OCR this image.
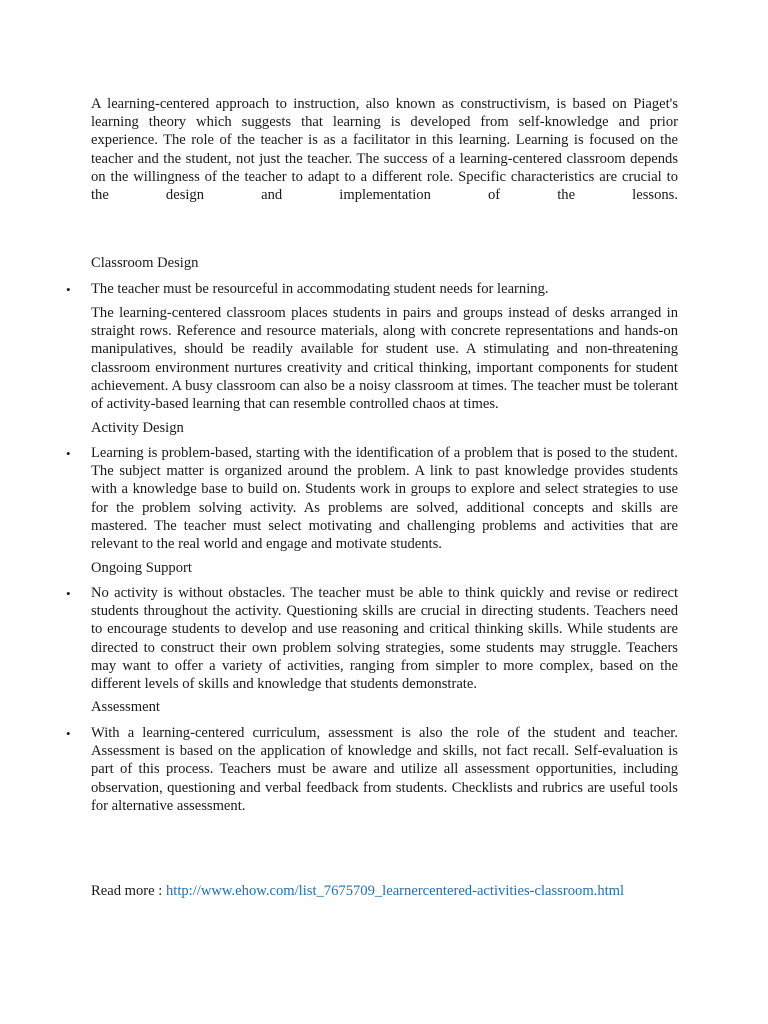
A learning-centered approach to instruction, also known as constructivism, is based on Piaget's learning theory which suggests that learning is developed from self-knowledge and prior experience. The role of the teacher is as a facilitator in this learning. Learning is focused on the teacher and the student, not just the teacher. The success of a learning-centered classroom depends on the willingness of the teacher to adapt to a different role. Specific characteristics are crucial to the design and implementation of the lessons.

Classroom Design

• The teacher must be resourceful in accommodating student needs for learning.

The learning-centered classroom places students in pairs and groups instead of desks arranged in straight rows. Reference and resource materials, along with concrete representations and hands-on manipulatives, should be readily available for student use. A stimulating and non-threatening classroom environment nurtures creativity and critical thinking, important components for student achievement. A busy classroom can also be a noisy classroom at times. The teacher must be tolerant of activity-based learning that can resemble controlled chaos at times.

Activity Design

• Learning is problem-based, starting with the identification of a problem that is posed to the student. The subject matter is organized around the problem. A link to past knowledge provides students with a knowledge base to build on. Students work in groups to explore and select strategies to use for the problem solving activity. As problems are solved, additional concepts and skills are mastered. The teacher must select motivating and challenging problems and activities that are relevant to the real world and engage and motivate students.

Ongoing Support

• No activity is without obstacles. The teacher must be able to think quickly and revise or redirect students throughout the activity. Questioning skills are crucial in directing students. Teachers need to encourage students to develop and use reasoning and critical thinking skills. While students are directed to construct their own problem solving strategies, some students may struggle. Teachers may want to offer a variety of activities, ranging from simpler to more complex, based on the different levels of skills and knowledge that students demonstrate.

Assessment

• With a learning-centered curriculum, assessment is also the role of the student and teacher. Assessment is based on the application of knowledge and skills, not fact recall. Self-evaluation is part of this process. Teachers must be aware and utilize all assessment opportunities, including observation, questioning and verbal feedback from students. Checklists and rubrics are useful tools for alternative assessment.

Read more : http://www.ehow.com/list_7675709_learnercentered-activities-classroom.html
